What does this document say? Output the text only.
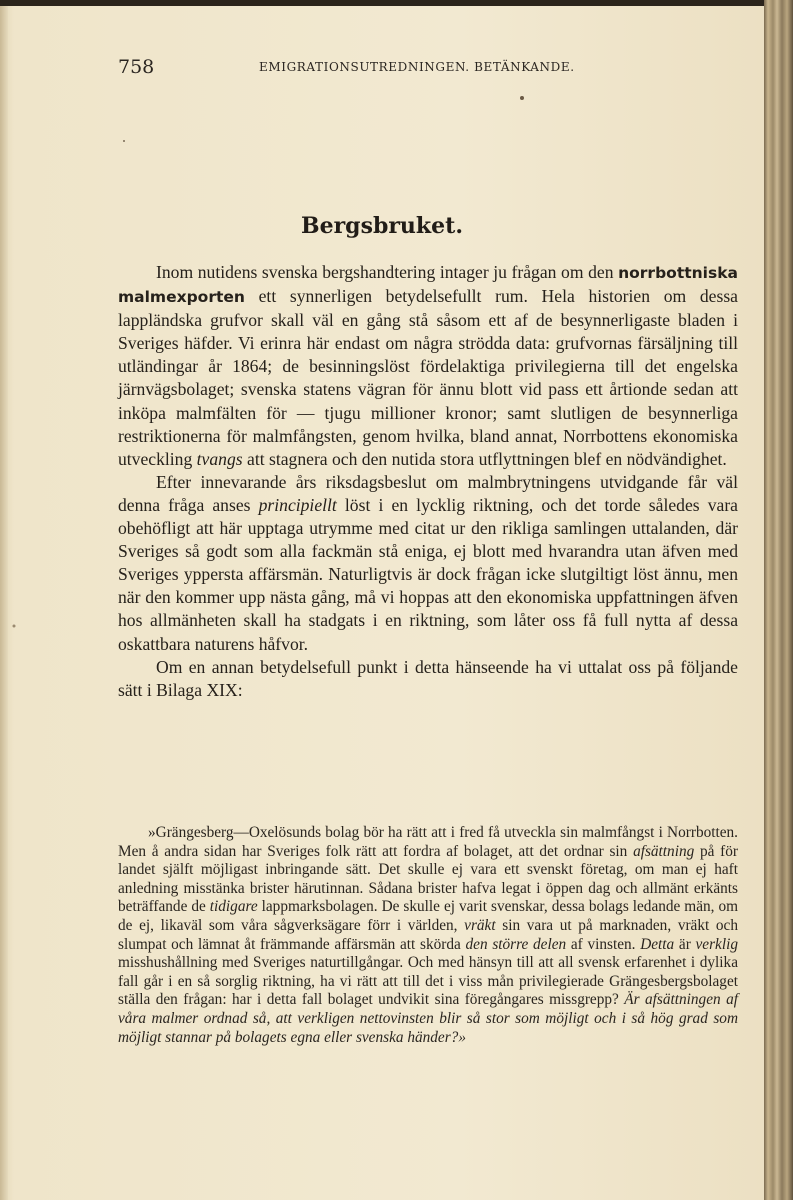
758	EMIGRATIONSUTREDNINGEN. BETÄNKANDE.
Bergsbruket.

Inom nutidens svenska bergshandtering intager ju frågan om den norrbottniska malmexporten ett synnerligen betydelsefullt rum. Hela historien om dessa lappländska grufvor skall väl en gång stå såsom ett af de besynnerligaste bladen i Sveriges häfder. Vi erinra här endast om några strödda data: grufvornas färsäljning till utländingar år 1864; de besinningslöst fördelaktiga privilegierna till det engelska järnvägsbolaget; svenska statens vägran för ännu blott vid pass ett årtionde sedan att inköpa malmfälten för — tjugu millioner kronor; samt slutligen de besynnerliga restriktionerna för malmfångsten, genom hvilka, bland annat, Norrbottens ekonomiska utveckling tvangs att stagnera och den nutida stora utflyttningen blef en nödvändighet.

Efter innevarande års riksdagsbeslut om malmbrytningens utvidgande får väl denna fråga anses principiellt löst i en lycklig riktning, och det torde således vara obehöfligt att här upptaga utrymme med citat ur den rikliga samlingen uttalanden, där Sveriges så godt som alla fackmän stå eniga, ej blott med hvarandra utan äfven med Sveriges yppersta affärsmän. Naturligtvis är dock frågan icke slutgiltigt löst ännu, men när den kommer upp nästa gång, må vi hoppas att den ekonomiska uppfattningen äfven hos allmänheten skall ha stadgats i en riktning, som låter oss få full nytta af dessa oskattbara naturens håfvor.

Om en annan betydelsefull punkt i detta hänseende ha vi uttalat oss på följande sätt i Bilaga XIX:

»Grängesberg—Oxelösunds bolag bör ha rätt att i fred få utveckla sin malmfångst i Norrbotten. Men å andra sidan har Sveriges folk rätt att fordra af bolaget, att det ordnar sin afsättning på för landet själft möjligast inbringande sätt. Det skulle ej vara ett svenskt företag, om man ej haft anledning misstänka brister härutinnan. Sådana brister hafva legat i öppen dag och allmänt erkänts beträffande de tidigare lappmarksbolagen. De skulle ej varit svenskar, dessa bolags ledande män, om de ej, likaväl som våra sågverksägare förr i världen, vräkt sin vara ut på marknaden, vräkt och slumpat och lämnat åt främmande affärsmän att skörda den större delen af vinsten. Detta är verklig misshushållning med Sveriges naturtillgångar. Och med hänsyn till att all svensk erfarenhet i dylika fall går i en så sorglig riktning, ha vi rätt att till det i viss mån privilegierade Grängesbergsbolaget ställa den frågan: har i detta fall bolaget undvikit sina föregångares missgrepp? Är afsättningen af våra malmer ordnad så, att verkligen nettovinsten blir så stor som möjligt och i så hög grad som möjligt stannar på bolagets egna eller svenska händer?»
